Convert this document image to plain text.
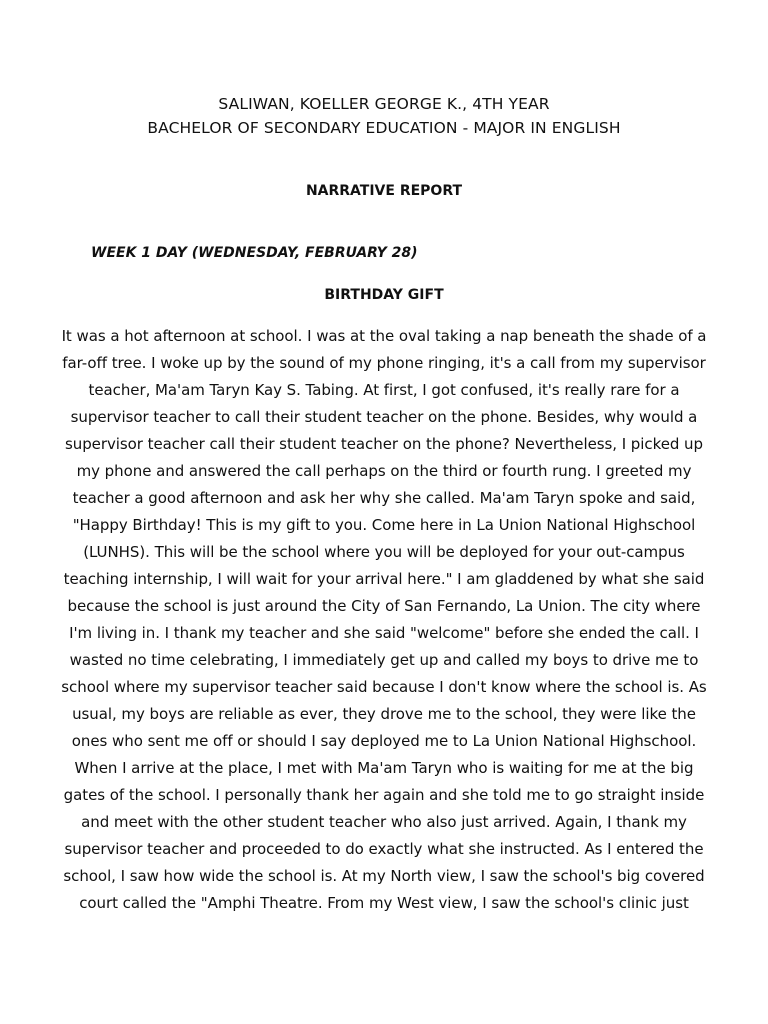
SALIWAN, KOELLER GEORGE K., 4TH YEAR
BACHELOR OF SECONDARY EDUCATION - MAJOR IN ENGLISH
NARRATIVE REPORT
WEEK 1 DAY (WEDNESDAY, FEBRUARY 28)
BIRTHDAY GIFT
It was a hot afternoon at school. I was at the oval taking a nap beneath the shade of a
far-off tree. I woke up by the sound of my phone ringing, it's a call from my supervisor
teacher, Ma'am Taryn Kay S. Tabing. At first, I got confused, it's really rare for a
supervisor teacher to call their student teacher on the phone. Besides, why would a
supervisor teacher call their student teacher on the phone? Nevertheless, I picked up
my phone and answered the call perhaps on the third or fourth rung. I greeted my
teacher a good afternoon and ask her why she called. Ma'am Taryn spoke and said,
"Happy Birthday! This is my gift to you. Come here in La Union National Highschool
(LUNHS). This will be the school where you will be deployed for your out-campus
teaching internship, I will wait for your arrival here." I am gladdened by what she said
because the school is just around the City of San Fernando, La Union. The city where
I'm living in. I thank my teacher and she said "welcome" before she ended the call. I
wasted no time celebrating, I immediately get up and called my boys to drive me to
school where my supervisor teacher said because I don't know where the school is. As
usual, my boys are reliable as ever, they drove me to the school, they were like the
ones who sent me off or should I say deployed me to La Union National Highschool.
When I arrive at the place, I met with Ma'am Taryn who is waiting for me at the big
gates of the school. I personally thank her again and she told me to go straight inside
and meet with the other student teacher who also just arrived. Again, I thank my
supervisor teacher and proceeded to do exactly what she instructed. As I entered the
school, I saw how wide the school is. At my North view, I saw the school's big covered
court called the "Amphi Theatre. From my West view, I saw the school's clinic just
